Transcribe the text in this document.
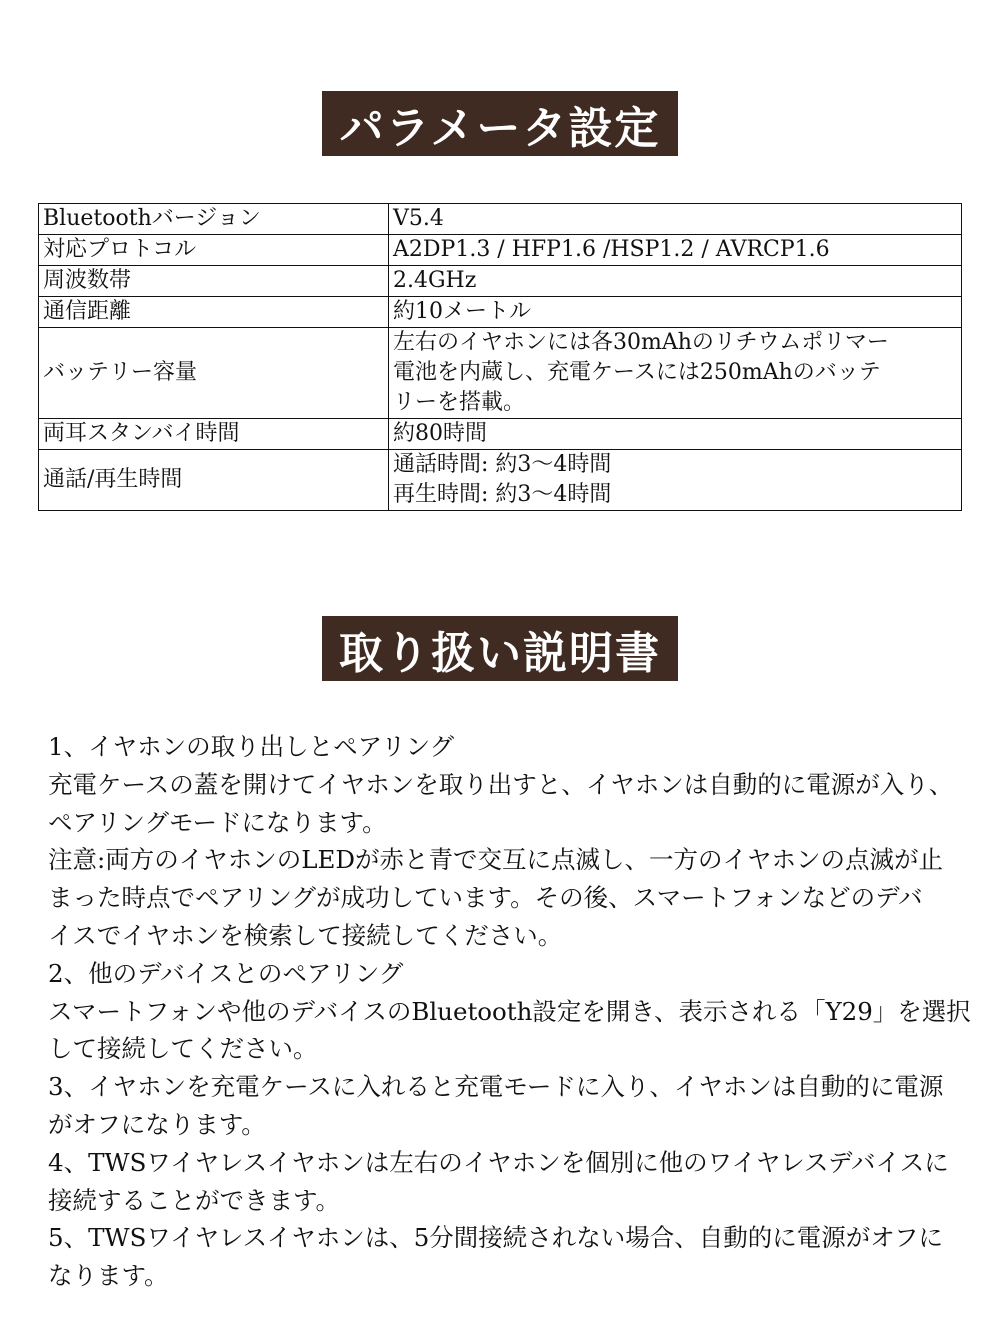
パラメータ設定
Bluetoothバージョン	V5.4

対応プロトコル	A2DP1.3 / HFP1.6 /HSP1.2 / AVRCP1.6

周波数帯	2.4GHz

通信距離	約10メートル

バッテリー容量	左右のイヤホンには各30mAhのリチウムポリマー
電池を内蔵し、充電ケースには250mAhのバッテ
リーを搭載。

両耳スタンバイ時間	約80時間

通話/再生時間	通話時間: 約3～4時間
再生時間: 約3～4時間
取り扱い説明書
1、イヤホンの取り出しとペアリング
充電ケースの蓋を開けてイヤホンを取り出すと、イヤホンは自動的に電源が入り、
ペアリングモードになります。
注意:両方のイヤホンのLEDが赤と青で交互に点滅し、一方のイヤホンの点滅が止
まった時点でペアリングが成功しています。その後、スマートフォンなどのデバ
イスでイヤホンを検索して接続してください。
2、他のデバイスとのペアリング
スマートフォンや他のデバイスのBluetooth設定を開き、表示される「Y29」を選択
して接続してください。
3、イヤホンを充電ケースに入れると充電モードに入り、イヤホンは自動的に電源
がオフになります。
4、TWSワイヤレスイヤホンは左右のイヤホンを個別に他のワイヤレスデバイスに
接続することができます。
5、TWSワイヤレスイヤホンは、5分間接続されない場合、自動的に電源がオフに
なります。
